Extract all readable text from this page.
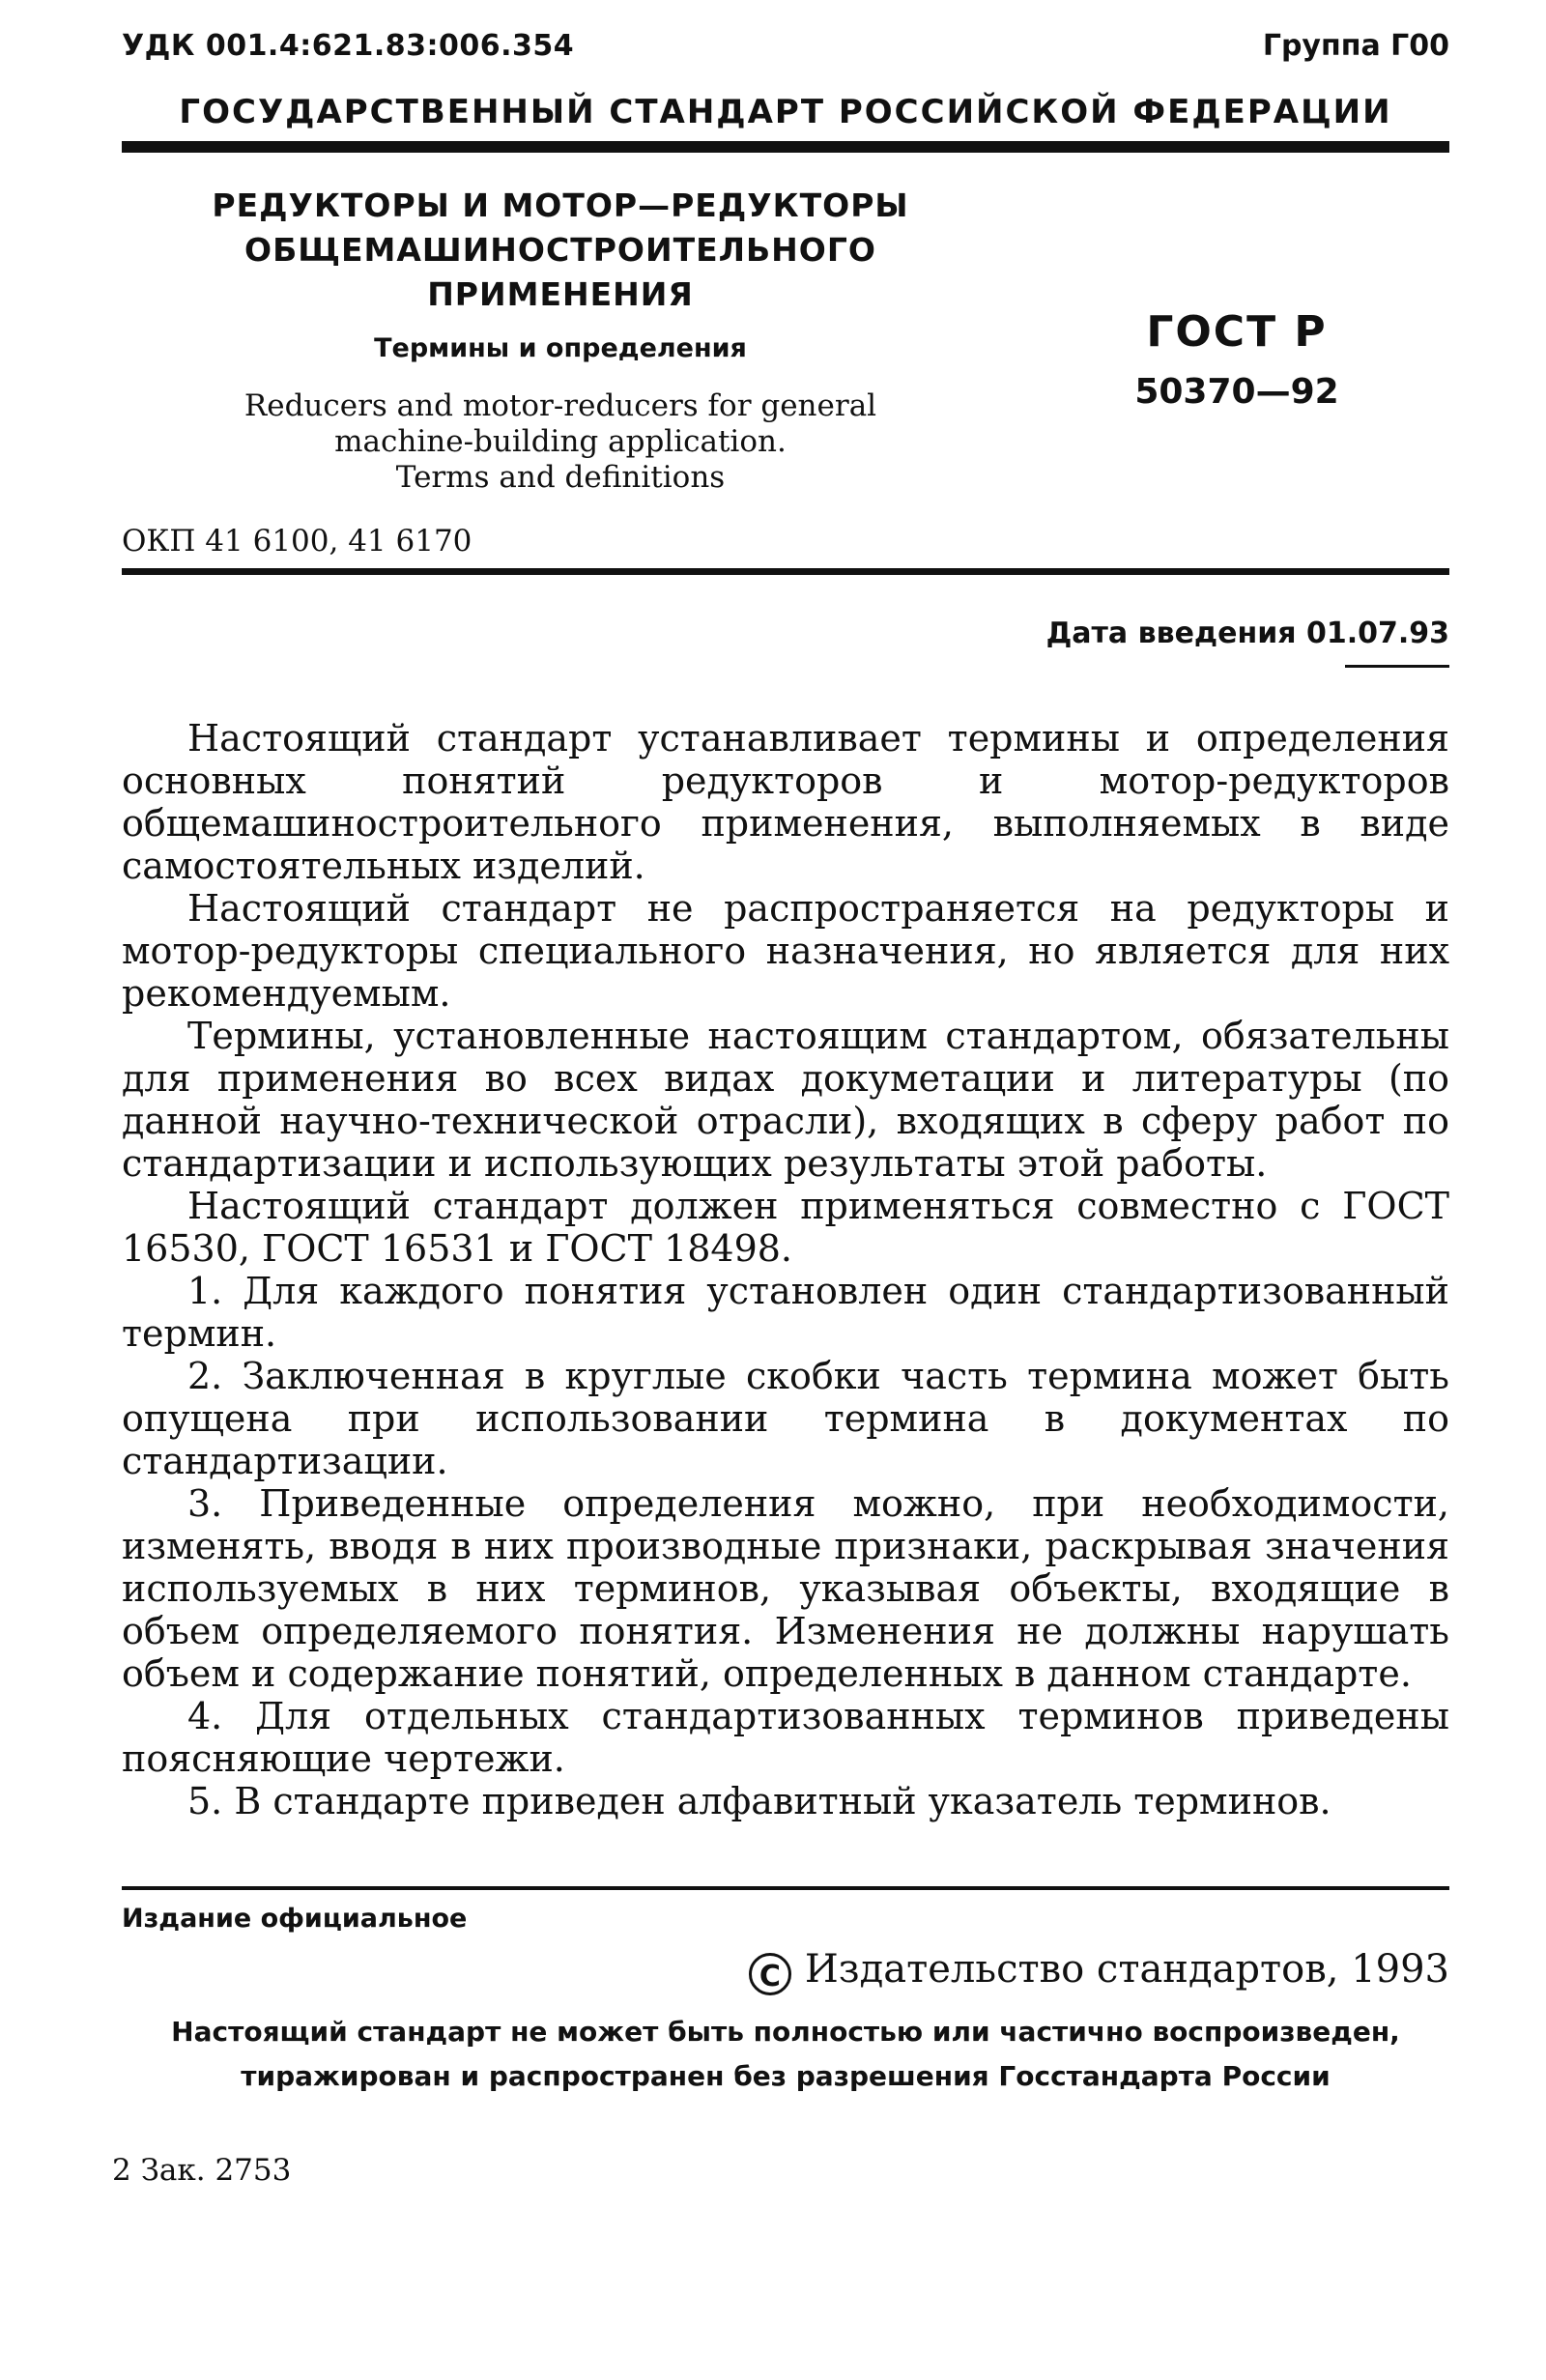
УДК 001.4:621.83:006.354	Группа Г00
ГОСУДАРСТВЕННЫЙ СТАНДАРТ РОССИЙСКОЙ ФЕДЕРАЦИИ
РЕДУКТОРЫ И МОТОР—РЕДУКТОРЫ
ОБЩЕМАШИНОСТРОИТЕЛЬНОГО
ПРИМЕНЕНИЯ
Термины и определения
Reducers and motor-reducers for general
machine-building application.
Terms and definitions
ГОСТ Р
50370—92
ОКП 41 6100, 41 6170
Дата введения 01.07.93

Настоящий стандарт устанавливает термины и определения основных понятий редукторов и мотор-редукторов общемашиностроительного применения, выполняемых в виде самостоятельных изделий.

Настоящий стандарт не распространяется на редукторы и мотор-редукторы специального назначения, но является для них рекомендуемым.

Термины, установленные настоящим стандартом, обязательны для применения во всех видах докуметации и литературы (по данной научно-технической отрасли), входящих в сферу работ по стандартизации и использующих результаты этой работы.

Настоящий стандарт должен применяться совместно с ГОСТ 16530, ГОСТ 16531 и ГОСТ 18498.

1. Для каждого понятия установлен один стандартизованный термин.

2. Заключенная в круглые скобки часть термина может быть опущена при использовании термина в документах по стандартизации.

3. Приведенные определения можно, при необходимости, изменять, вводя в них производные признаки, раскрывая значения используемых в них терминов, указывая объекты, входящие в объем определяемого понятия. Изменения не должны нарушать объем и содержание понятий, определенных в данном стандарте.

4. Для отдельных стандартизованных терминов приведены поясняющие чертежи.

5. В стандарте приведен алфавитный указатель терминов.

Издание официальное
C Издательство стандартов, 1993
Настоящий стандарт не может быть полностью или частично воспроизведен,
тиражирован и распространен без разрешения Госстандарта России
2 Зак. 2753
